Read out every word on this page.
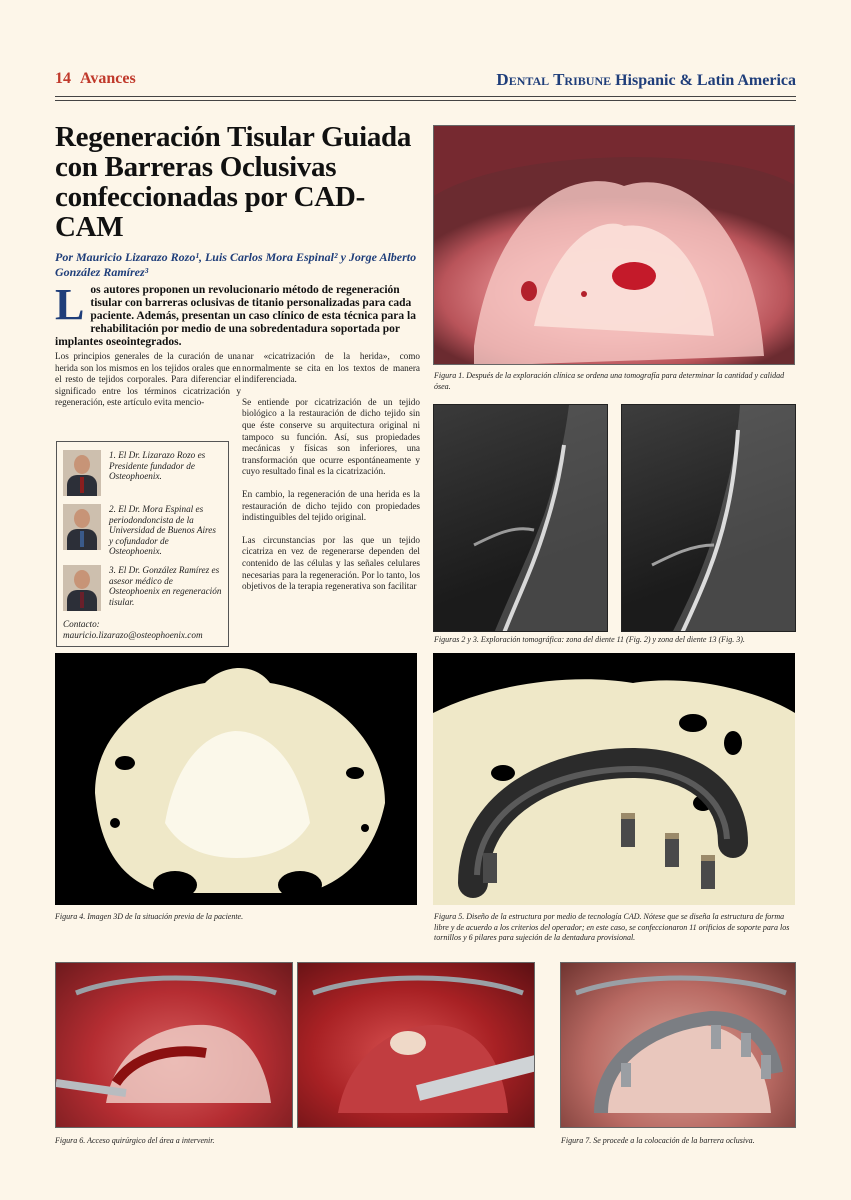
14 Avances	Dental Tribune Hispanic & Latin America
Regeneración Tisular Guiada con Barreras Oclusivas confeccionadas por CAD-CAM
Por Mauricio Lizarazo Rozo¹, Luis Carlos Mora Espinal² y Jorge Alberto González Ramírez³
Los autores proponen un revolucionario método de regeneración tisular con barreras oclusivas de titanio personalizadas para cada paciente. Además, presentan un caso clínico de esta técnica para la rehabilitación por medio de una sobredentadura soportada por implantes oseointegrados.

Los principios generales de la curación de una herida son los mismos en los tejidos orales que en el resto de tejidos corporales. Para diferenciar el significado entre los términos cicatrización y regeneración, este artículo evita mencio-

1. El Dr. Lizarazo Rozo es Presidente fundador de Osteophoenix.
2. El Dr. Mora Espinal es periodondoncista de la Universidad de Buenos Aires y cofundador de Osteophoenix.
3. El Dr. González Ramírez es asesor médico de Osteophoenix en regeneración tisular.
Contacto: mauricio.lizarazo@osteophoenix.com

nar «cicatrización de la herida», como normalmente se cita en los textos de manera indiferenciada.

Se entiende por cicatrización de un tejido biológico a la restauración de dicho tejido sin que éste conserve su arquitectura original ni tampoco su función. Así, sus propiedades mecánicas y físicas son inferiores, una transformación que ocurre espontáneamente y cuyo resultado final es la cicatrización.

En cambio, la regeneración de una herida es la restauración de dicho tejido con propiedades indistinguibles del tejido original.

Las circunstancias por las que un tejido cicatriza en vez de regenerarse dependen del contenido de las células y las señales celulares necesarias para la regeneración. Por lo tanto, los objetivos de la terapia regenerativa son facilitar

Figura 1. Después de la exploración clínica se ordena una tomografía para determinar la cantidad y calidad ósea.
Figuras 2 y 3. Exploración tomográfica: zona del diente 11 (Fig. 2) y zona del diente 13 (Fig. 3).
Figura 4. Imagen 3D de la situación previa de la paciente.	Figura 5. Diseño de la estructura por medio de tecnología CAD. Nótese que se diseña la estructura de forma libre y de acuerdo a los criterios del operador; en este caso, se confeccionaron 11 orificios de soporte para los tornillos y 6 pilares para sujeción de la dentadura provisional.
Figura 6. Acceso quirúrgico del área a intervenir.	Figura 7. Se procede a la colocación de la barrera oclusiva.
